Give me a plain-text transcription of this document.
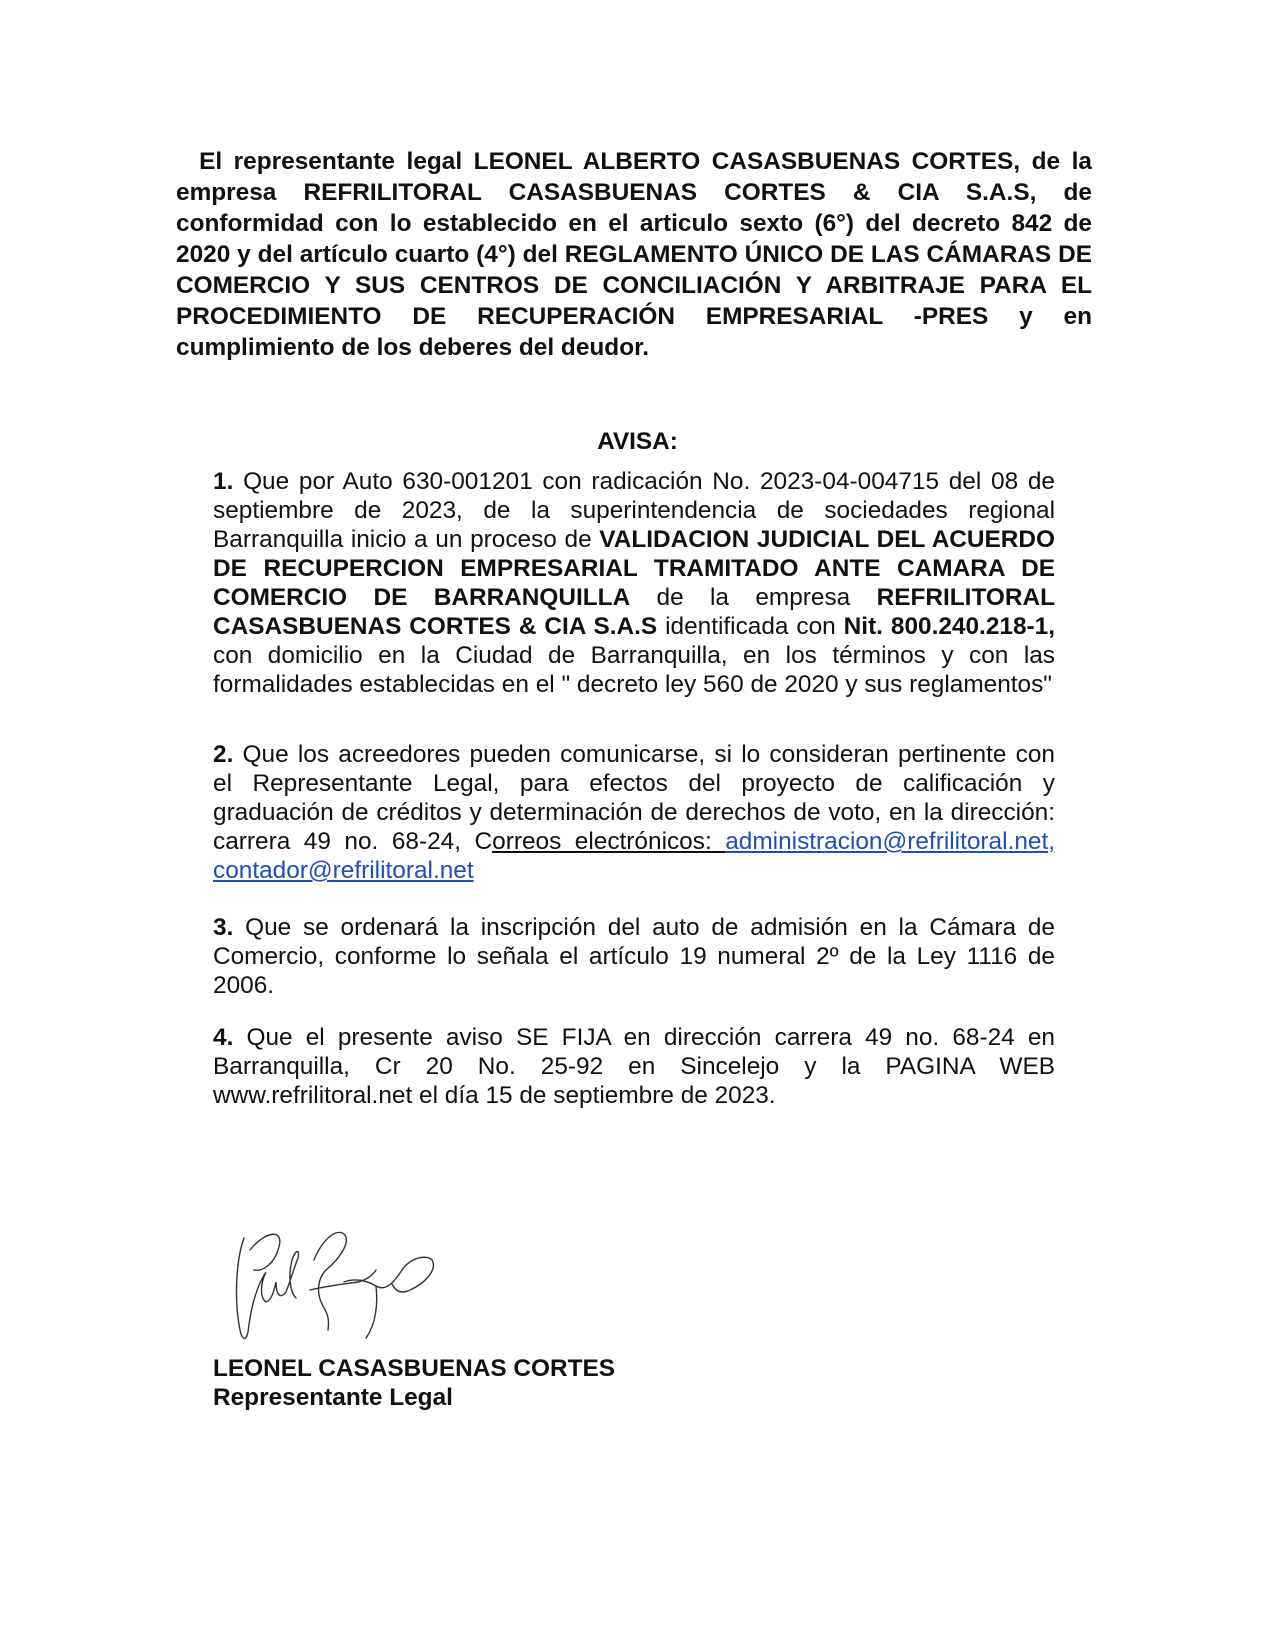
El representante legal LEONEL ALBERTO CASASBUENAS CORTES, de la empresa REFRILITORAL CASASBUENAS CORTES & CIA S.A.S, de conformidad con lo establecido en el articulo sexto (6°) del decreto 842 de 2020 y del artículo cuarto (4°) del REGLAMENTO ÚNICO DE LAS CÁMARAS DE COMERCIO Y SUS CENTROS DE CONCILIACIÓN Y ARBITRAJE PARA EL PROCEDIMIENTO DE RECUPERACIÓN EMPRESARIAL -PRES y en cumplimiento de los deberes del deudor.
AVISA:
1. Que por Auto 630-001201 con radicación No. 2023-04-004715 del 08 de septiembre de 2023, de la superintendencia de sociedades regional Barranquilla inicio a un proceso de VALIDACION JUDICIAL DEL ACUERDO DE RECUPERCION EMPRESARIAL TRAMITADO ANTE CAMARA DE COMERCIO DE BARRANQUILLA de la empresa REFRILITORAL CASASBUENAS CORTES & CIA S.A.S identificada con Nit. 800.240.218-1, con domicilio en la Ciudad de Barranquilla, en los términos y con las formalidades establecidas en el " decreto ley 560 de 2020 y sus reglamentos"
2. Que los acreedores pueden comunicarse, si lo consideran pertinente con el Representante Legal, para efectos del proyecto de calificación y graduación de créditos y determinación de derechos de voto, en la dirección: carrera 49 no. 68-24, Correos electrónicos: administracion@refrilitoral.net, contador@refrilitoral.net
3. Que se ordenará la inscripción del auto de admisión en la Cámara de Comercio, conforme lo señala el artículo 19 numeral 2º de la Ley 1116 de 2006.
4. Que el presente aviso SE FIJA en dirección carrera 49 no. 68-24 en Barranquilla, Cr 20 No. 25-92 en Sincelejo y la PAGINA WEB www.refrilitoral.net el día 15 de septiembre de 2023.
LEONEL CASASBUENAS CORTES
Representante Legal
